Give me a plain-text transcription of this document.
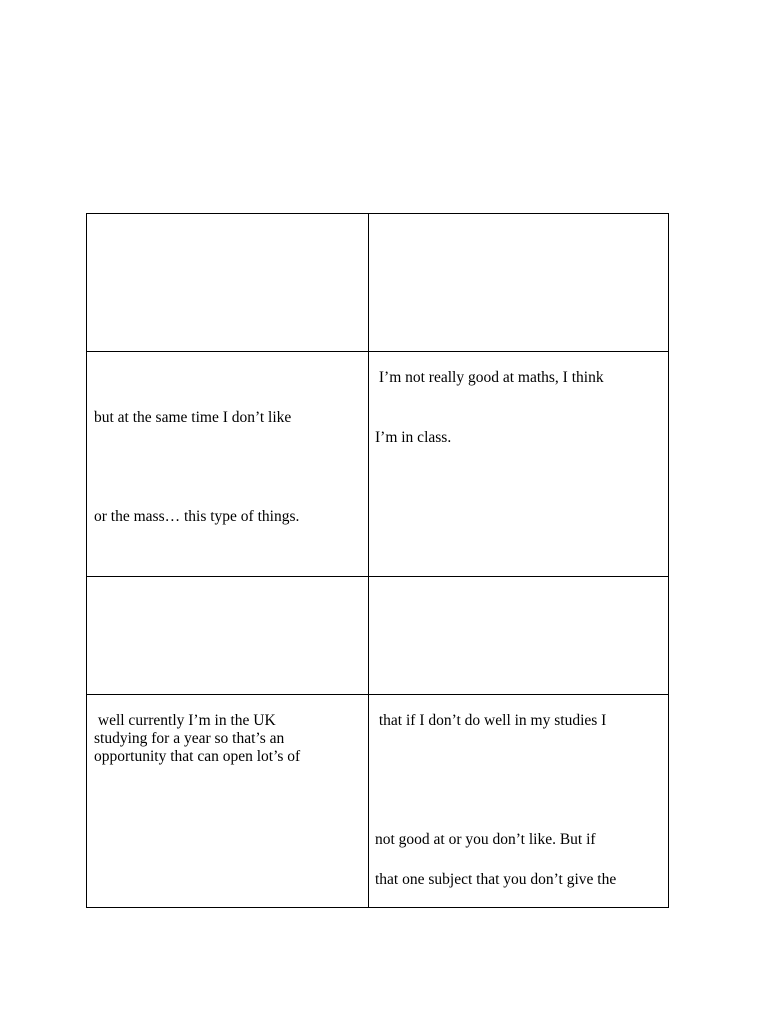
but at the same time I don’t like
or the mass… this type of things.
I’m not really good at maths, I think
I’m in class.
well currently I’m in the UK
studying for a year so that’s an
opportunity that can open lot’s of
that if I don’t do well in my studies I
not good at or you don’t like. But if
that one subject that you don’t give the
